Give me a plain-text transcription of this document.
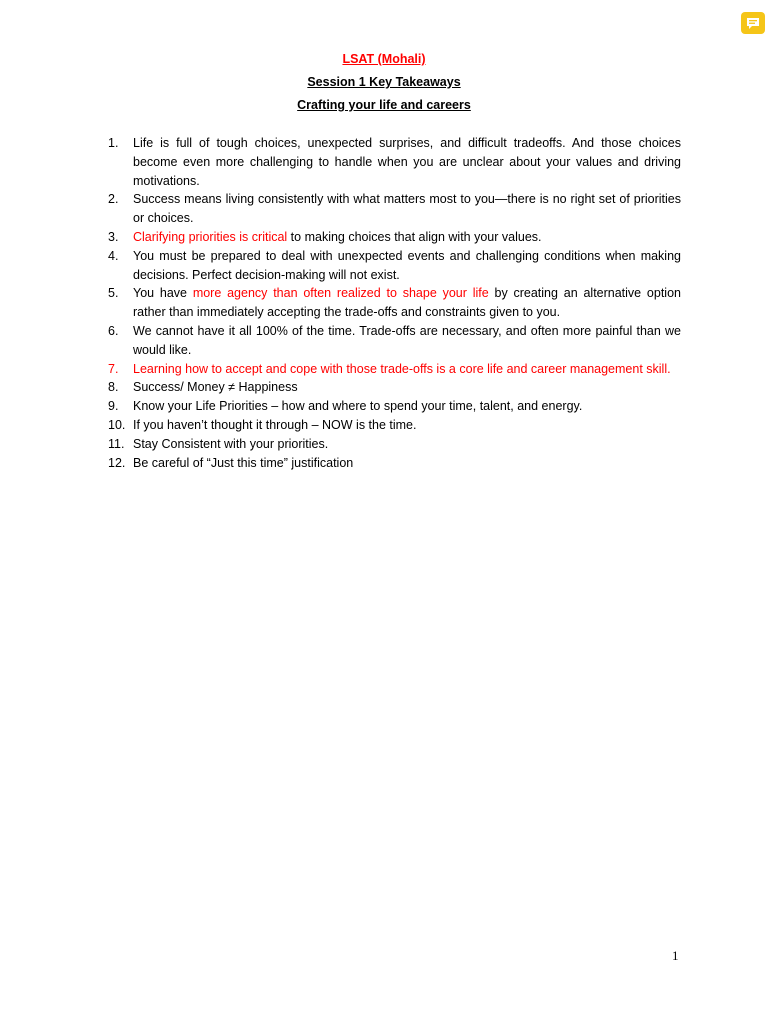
LSAT (Mohali)
Session 1 Key Takeaways
Crafting your life and careers
1.	Life is full of tough choices, unexpected surprises, and difficult tradeoffs. And those choices become even more challenging to handle when you are unclear about your values and driving motivations.
2.	Success means living consistently with what matters most to you—there is no right set of priorities or choices.
3.	Clarifying priorities is critical to making choices that align with your values.
4.	You must be prepared to deal with unexpected events and challenging conditions when making decisions. Perfect decision-making will not exist.
5.	You have more agency than often realized to shape your life by creating an alternative option rather than immediately accepting the trade-offs and constraints given to you.
6.	We cannot have it all 100% of the time. Trade-offs are necessary, and often more painful than we would like.
7.	Learning how to accept and cope with those trade-offs is a core life and career management skill.
8.	Success/ Money ≠ Happiness
9.	Know your Life Priorities – how and where to spend your time, talent, and energy.
10. If you haven’t thought it through – NOW is the time.
11. Stay Consistent with your priorities.
12. Be careful of “Just this time” justification
1
